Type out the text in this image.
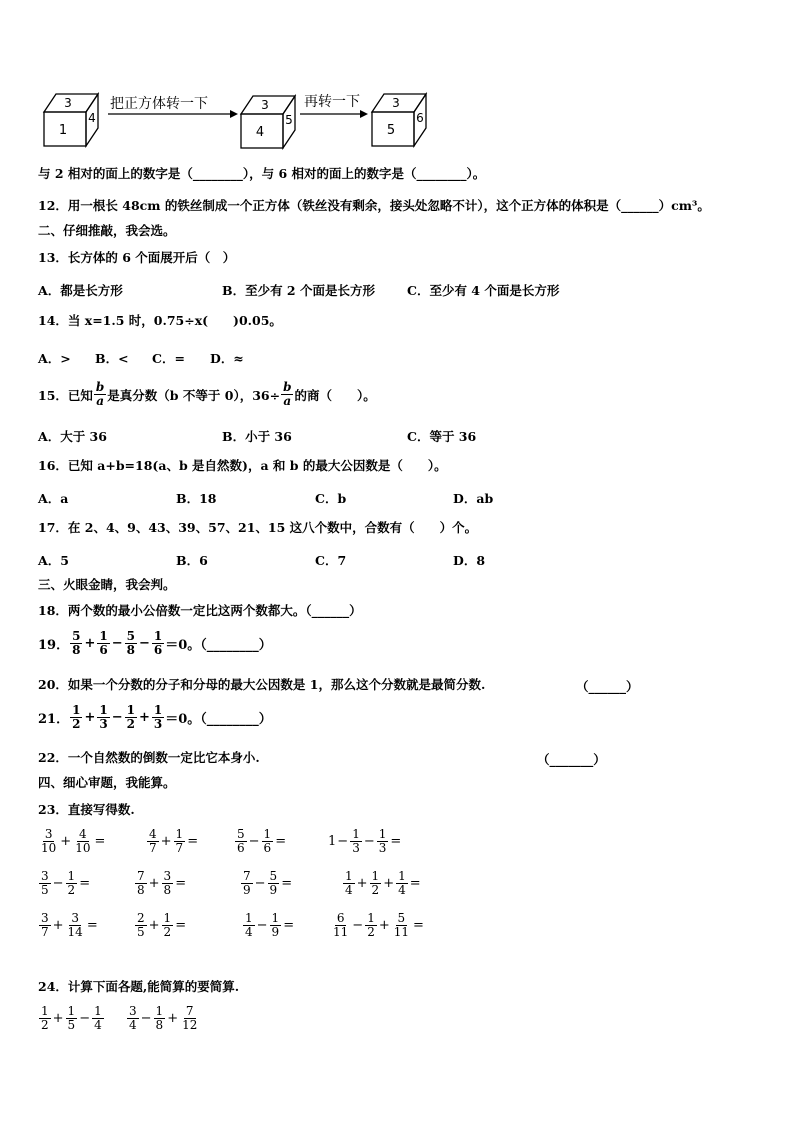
3
1
4
把正方体转一下	3
4
5
再转一下	3
5
6
与 2 相对的面上的数字是（________），与 6 相对的面上的数字是（________）。
12．用一根长 48cm 的铁丝制成一个正方体（铁丝没有剩余，接头处忽略不计），这个正方体的体积是（______）cm³。
二、仔细推敲，我会选。
13．长方体的 6 个面展开后（　）
A．都是长方形	B．至少有 2 个面是长方形	C．至少有 4 个面是长方形
14．当 x=1.5 时，0.75÷x(　　)0.05。
A．> B．< C．= D．≈
15．已知 $\frac{b}{a}$ 是真分数（b 不等于 0），$36\div \frac{b}{a}$ 的商（　　）。
A．大于 36	B．小于 36	C．等于 36
16．已知 a+b=18(a、b 是自然数)，a 和 b 的最大公因数是（　　）。
A．a	B．18	C．b	D．ab
17．在 2、4、9、43、39、57、21、15 这八个数中，合数有（　　）个。
A．5	B．6	C．7	D．8
三、火眼金睛，我会判。
18．两个数的最小公倍数一定比这两个数都大。（______）
19． $\frac{5}{8} + \frac{1}{6} - \frac{5}{8} - \frac{1}{6} =0$。（________）
20．如果一个分数的分子和分母的最大公因数是 1，那么这个分数就是最简分数.	（______）
21． $\frac{1}{2} + \frac{1}{3} - \frac{1}{2} + \frac{1}{3} =0$。（________）
22．一个自然数的倒数一定比它本身小.	（_______）
四、细心审题，我能算。
23．直接写得数.
$\frac{3}{10} + \frac{4}{10}$ =	$\frac{4}{7} + \frac{1}{7}$ =	$\frac{5}{6} - \frac{1}{6}$ =	$1 - \frac{1}{3} - \frac{1}{3}$ =
$\frac{3}{5} - \frac{1}{2}$ =	$\frac{7}{8} + \frac{3}{8}$ =	$\frac{7}{9} - \frac{5}{9}$ =	$\frac{1}{4} + \frac{1}{2} + \frac{1}{4}$ =
$\frac{3}{7} + \frac{3}{14}$ =	$\frac{2}{5} + \frac{1}{2}$ =	$\frac{1}{4} - \frac{1}{9}$ =	$\frac{6}{11} - \frac{1}{2} + \frac{5}{11}$ =
24．计算下面各题,能简算的要简算.
$\frac{1}{2} + \frac{1}{5} - \frac{1}{4} \frac{3}{4} - \frac{1}{8} + \frac{7}{12}$
